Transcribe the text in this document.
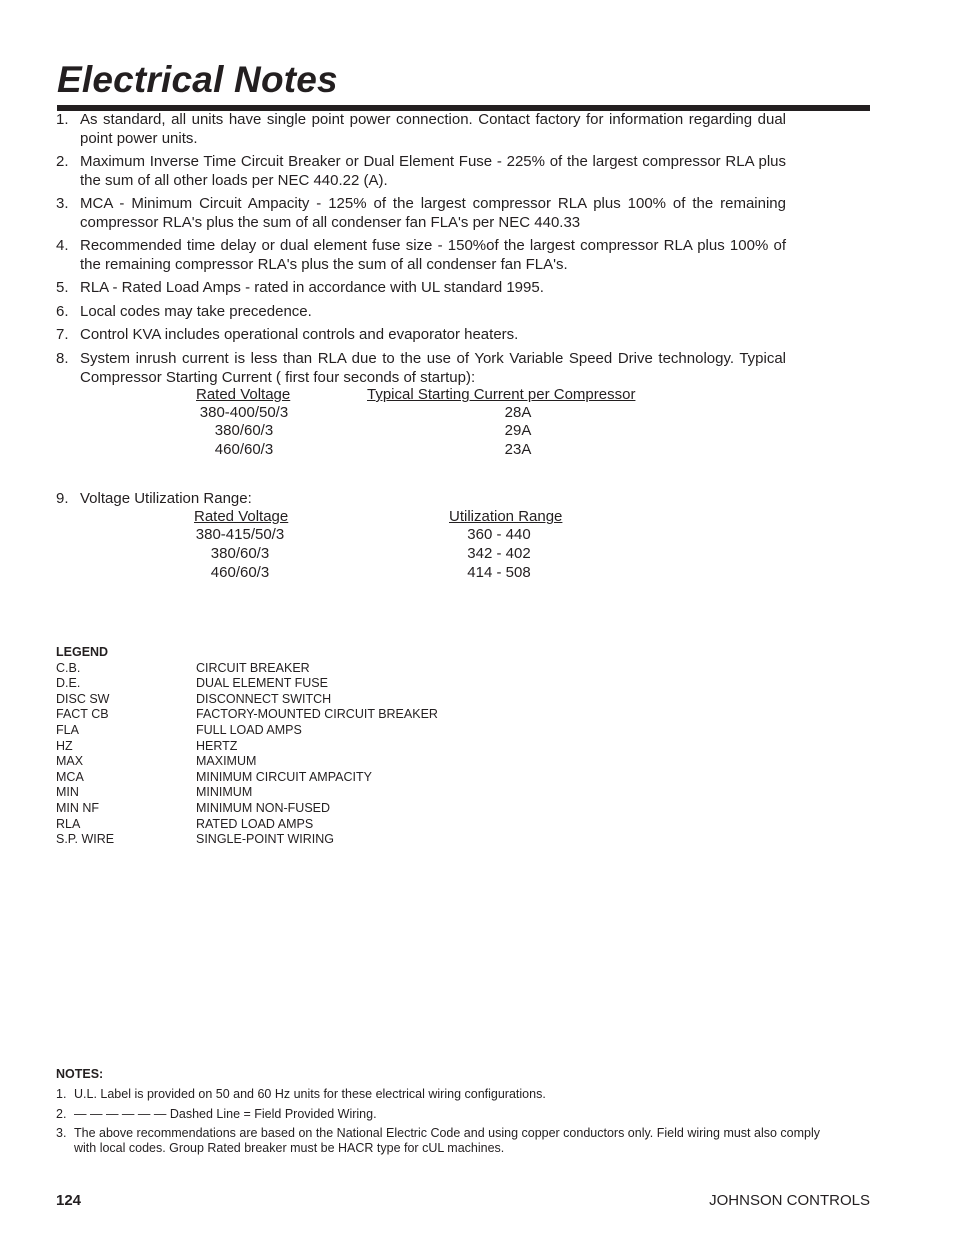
Electrical Notes
1. As standard, all units have single point power connection. Contact factory for information regarding dual point power units.
2. Maximum Inverse Time Circuit Breaker or Dual Element Fuse - 225% of the largest compressor RLA plus the sum of all other loads per NEC 440.22 (A).
3. MCA - Minimum Circuit Ampacity - 125% of the largest compressor RLA plus 100% of the remaining compressor RLA's plus the sum of all condenser fan FLA's per NEC 440.33
4. Recommended time delay or dual element fuse size - 150%of the largest compressor RLA plus 100% of the remaining compressor RLA's plus the sum of all condenser fan FLA's.
5. RLA - Rated Load Amps - rated in accordance with UL standard 1995.
6. Local codes may take precedence.
7. Control KVA includes operational controls and evaporator heaters.
8. System inrush current is less than RLA due to the use of York Variable Speed Drive technology. Typical Compressor Starting Current ( first four seconds of startup):
Rated Voltage	Typical Starting Current per Compressor
380-400/50/3	28A
380/60/3	29A
460/60/3	23A
9. Voltage Utilization Range:
Rated Voltage	Utilization Range
380-415/50/3	360 - 440
380/60/3	342 - 402
460/60/3	414 - 508
LEGEND
C.B.	CIRCUIT BREAKER
D.E.	DUAL ELEMENT FUSE
DISC SW	DISCONNECT SWITCH
FACT CB	FACTORY-MOUNTED CIRCUIT BREAKER
FLA	FULL LOAD AMPS
HZ	HERTZ
MAX	MAXIMUM
MCA	MINIMUM CIRCUIT AMPACITY
MIN	MINIMUM
MIN NF	MINIMUM NON-FUSED
RLA	RATED LOAD AMPS
S.P. WIRE	SINGLE-POINT WIRING
NOTES:
1. U.L. Label is provided on 50 and 60 Hz units for these electrical wiring configurations.
2. — — — — — — Dashed Line = Field Provided Wiring.
3. The above recommendations are based on the National Electric Code and using copper conductors only. Field wiring must also comply with local codes. Group Rated breaker must be HACR type for cUL machines.
124	JOHNSON CONTROLS
